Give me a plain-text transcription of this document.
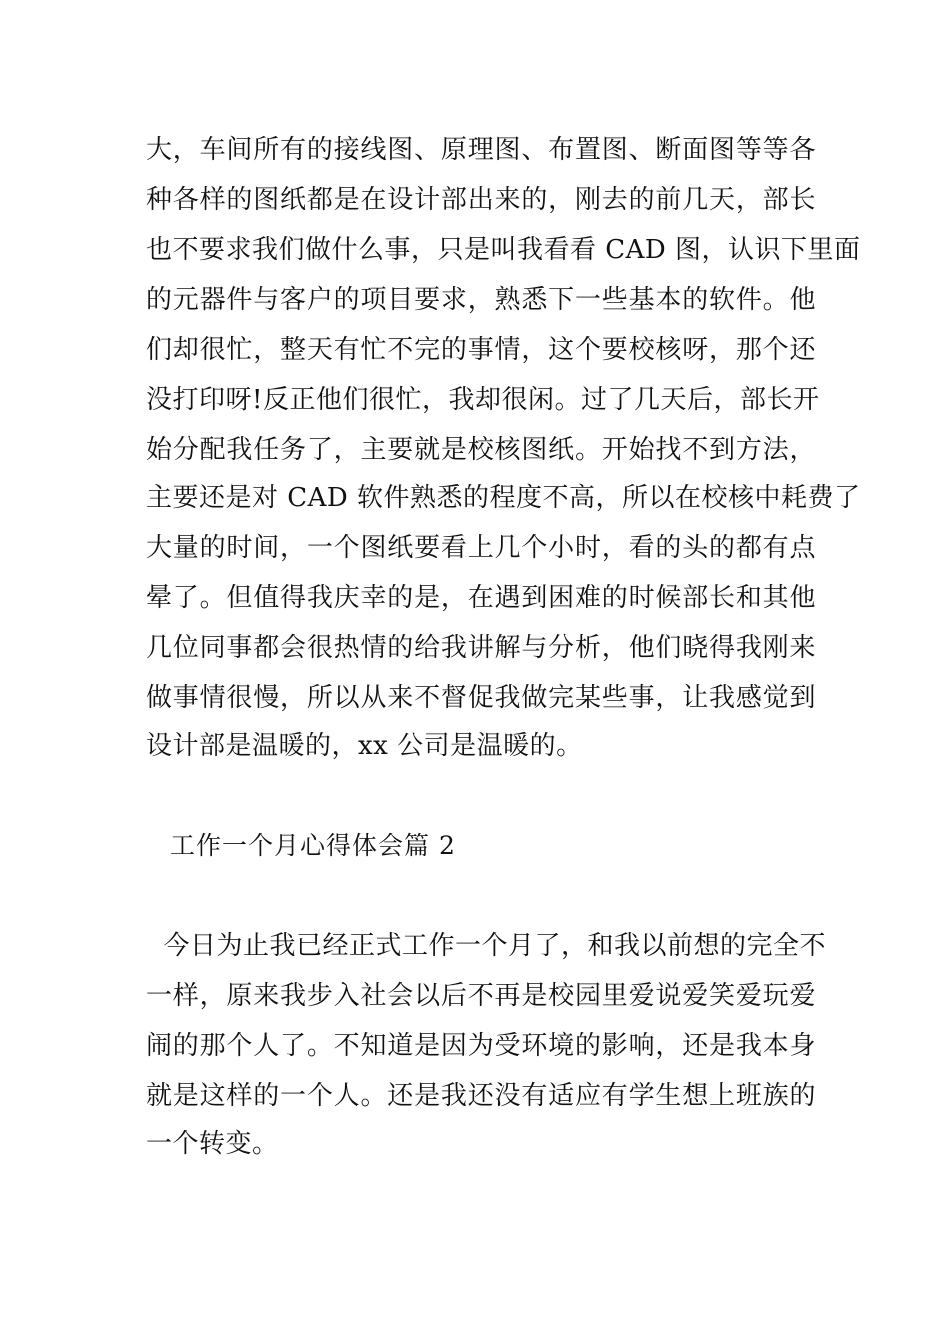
大，车间所有的接线图、原理图、布置图、断面图等等各
种各样的图纸都是在设计部出来的，刚去的前几天，部长
也不要求我们做什么事，只是叫我看看 CAD 图，认识下里面
的元器件与客户的项目要求，熟悉下一些基本的软件。他
们却很忙，整天有忙不完的事情，这个要校核呀，那个还
没打印呀!反正他们很忙，我却很闲。过了几天后，部长开
始分配我任务了，主要就是校核图纸。开始找不到方法，
主要还是对 CAD 软件熟悉的程度不高，所以在校核中耗费了
大量的时间，一个图纸要看上几个小时，看的头的都有点
晕了。但值得我庆幸的是，在遇到困难的时候部长和其他
几位同事都会很热情的给我讲解与分析，他们晓得我刚来
做事情很慢，所以从来不督促我做完某些事，让我感觉到
设计部是温暖的，xx 公司是温暖的。
工作一个月心得体会篇 2
今日为止我已经正式工作一个月了，和我以前想的完全不
一样，原来我步入社会以后不再是校园里爱说爱笑爱玩爱
闹的那个人了。不知道是因为受环境的影响，还是我本身
就是这样的一个人。还是我还没有适应有学生想上班族的
一个转变。
